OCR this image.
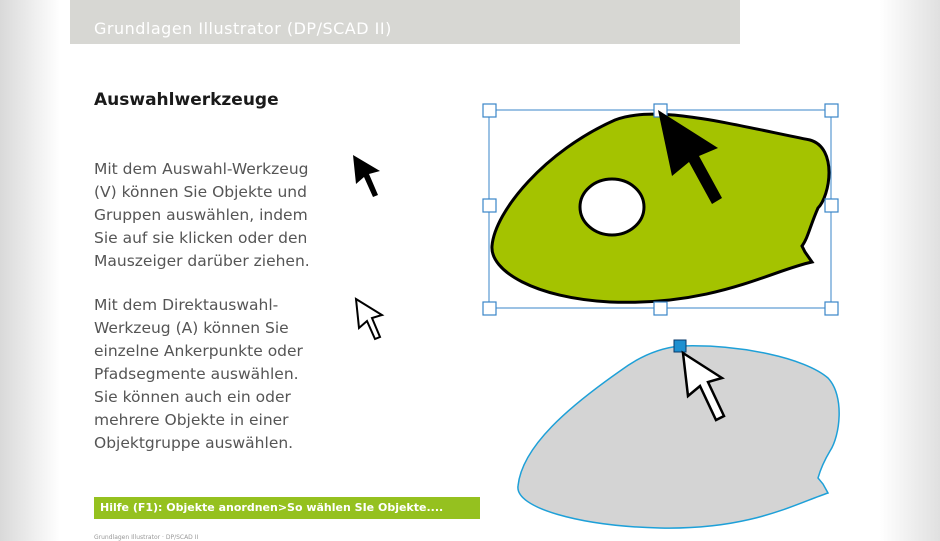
Grundlagen Illustrator (DP/SCAD II)
Auswahlwerkzeuge
Mit dem Auswahl-Werkzeug
(V) können Sie Objekte und
Gruppen auswählen, indem
Sie auf sie klicken oder den
Mauszeiger darüber ziehen.
Mit dem Direktauswahl-
Werkzeug (A) können Sie
einzelne Ankerpunkte oder
Pfadsegmente auswählen.
Sie können auch ein oder
mehrere Objekte in einer
Objektgruppe auswählen.
Hilfe (F1): Objekte anordnen>So wählen SIe Objekte....
Grundlagen Illustrator · DP/SCAD II
